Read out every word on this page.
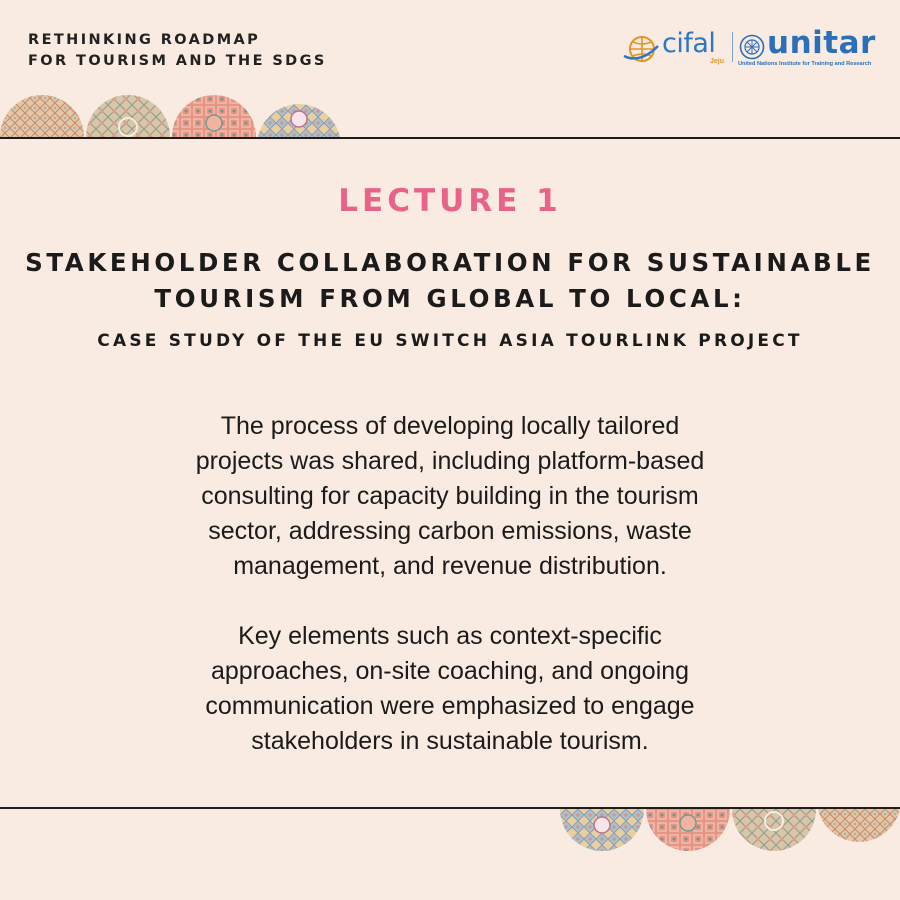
RETHINKING ROADMAP
FOR TOURISM AND THE SDGS
cifal
Jeju
unitar
United Nations Institute for Training and Research
LECTURE 1
STAKEHOLDER COLLABORATION FOR SUSTAINABLE
TOURISM FROM GLOBAL TO LOCAL:
CASE STUDY OF THE EU SWITCH ASIA TOURLINK PROJECT
The process of developing locally tailored
projects was shared, including platform-based
consulting for capacity building in the tourism
sector, addressing carbon emissions, waste
management, and revenue distribution.
Key elements such as context-specific
approaches, on-site coaching, and ongoing
communication were emphasized to engage
stakeholders in sustainable tourism.
